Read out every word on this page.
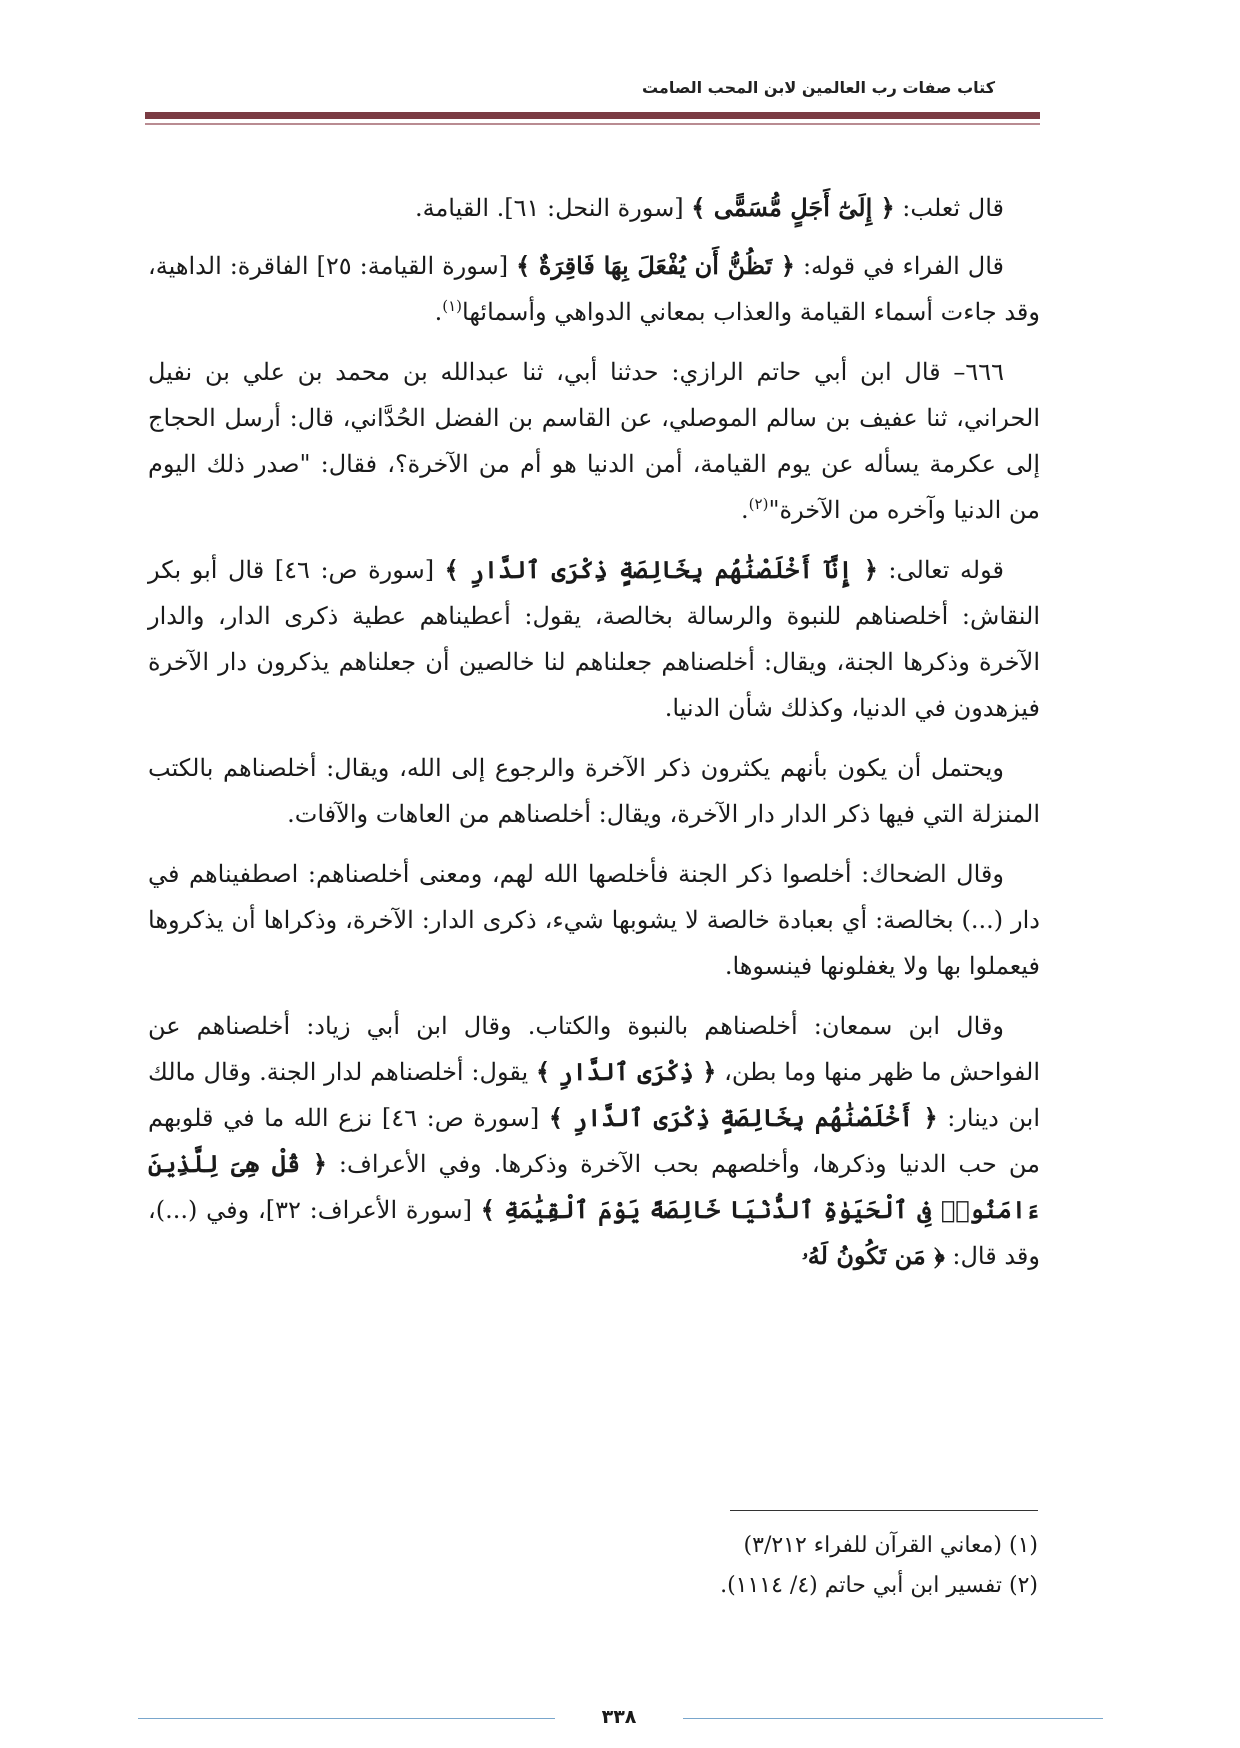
كتاب صفات رب العالمين لابن المحب الصامت

قال ثعلب: ﴿ إِلَىٰٓ أَجَلٍ مُّسَمًّى ﴾ [سورة النحل: ٦١]. القيامة.

قال الفراء في قوله: ﴿ تَظُنُّ أَن يُفْعَلَ بِهَا فَاقِرَةٌ ﴾ [سورة القيامة: ٢٥] الفاقرة: الداهية، وقد جاءت أسماء القيامة والعذاب بمعاني الدواهي وأسمائها$^{(١)}$.

٦٦٦– قال ابن أبي حاتم الرازي: حدثنا أبي، ثنا عبدالله بن محمد بن علي بن نفيل الحراني، ثنا عفيف بن سالم الموصلي، عن القاسم بن الفضل الحُدَّاني، قال: أرسل الحجاج إلى عكرمة يسأله عن يوم القيامة، أمن الدنيا هو أم من الآخرة؟، فقال: "صدر ذلك اليوم من الدنيا وآخره من الآخرة"$^{(٢)}$.

قوله تعالى: ﴿ إِنَّآ أَخْلَصْنَٰهُم بِخَالِصَةٍ ذِكْرَى ٱلدَّارِ ﴾ [سورة ص: ٤٦] قال أبو بكر النقاش: أخلصناهم للنبوة والرسالة بخالصة، يقول: أعطيناهم عطية ذكرى الدار، والدار الآخرة وذكرها الجنة، ويقال: أخلصناهم جعلناهم لنا خالصين أن جعلناهم يذكرون دار الآخرة فيزهدون في الدنيا، وكذلك شأن الدنيا.

ويحتمل أن يكون بأنهم يكثرون ذكر الآخرة والرجوع إلى الله، ويقال: أخلصناهم بالكتب المنزلة التي فيها ذكر الدار دار الآخرة، ويقال: أخلصناهم من العاهات والآفات.

وقال الضحاك: أخلصوا ذكر الجنة فأخلصها الله لهم، ومعنى أخلصناهم: اصطفيناهم في دار (...) بخالصة: أي بعبادة خالصة لا يشوبها شيء، ذكرى الدار: الآخرة، وذكراها أن يذكروها فيعملوا بها ولا يغفلونها فينسوها.

وقال ابن سمعان: أخلصناهم بالنبوة والكتاب. وقال ابن أبي زياد: أخلصناهم عن الفواحش ما ظهر منها وما بطن، ﴿ ذِكْرَى ٱلدَّارِ ﴾ يقول: أخلصناهم لدار الجنة. وقال مالك ابن دينار: ﴿ أَخْلَصْنَٰهُم بِخَالِصَةٍ ذِكْرَى ٱلدَّارِ ﴾ [سورة ص: ٤٦] نزع الله ما في قلوبهم من حب الدنيا وذكرها، وأخلصهم بحب الآخرة وذكرها. وفي الأعراف: ﴿ قُلْ هِىَ لِلَّذِينَ ءَامَنُوا۟ فِى ٱلْحَيَوٰةِ ٱلدُّنْيَا خَالِصَةً يَوْمَ ٱلْقِيَٰمَةِ ﴾ [سورة الأعراف: ٣٢]، وفي (...)، وقد قال: ﴿ مَن تَكُونُ لَهُۥ

(١) (معاني القرآن للفراء ٣/٢١٢)

(٢) تفسير ابن أبي حاتم (٤/ ١١١٤).

٣٣٨
